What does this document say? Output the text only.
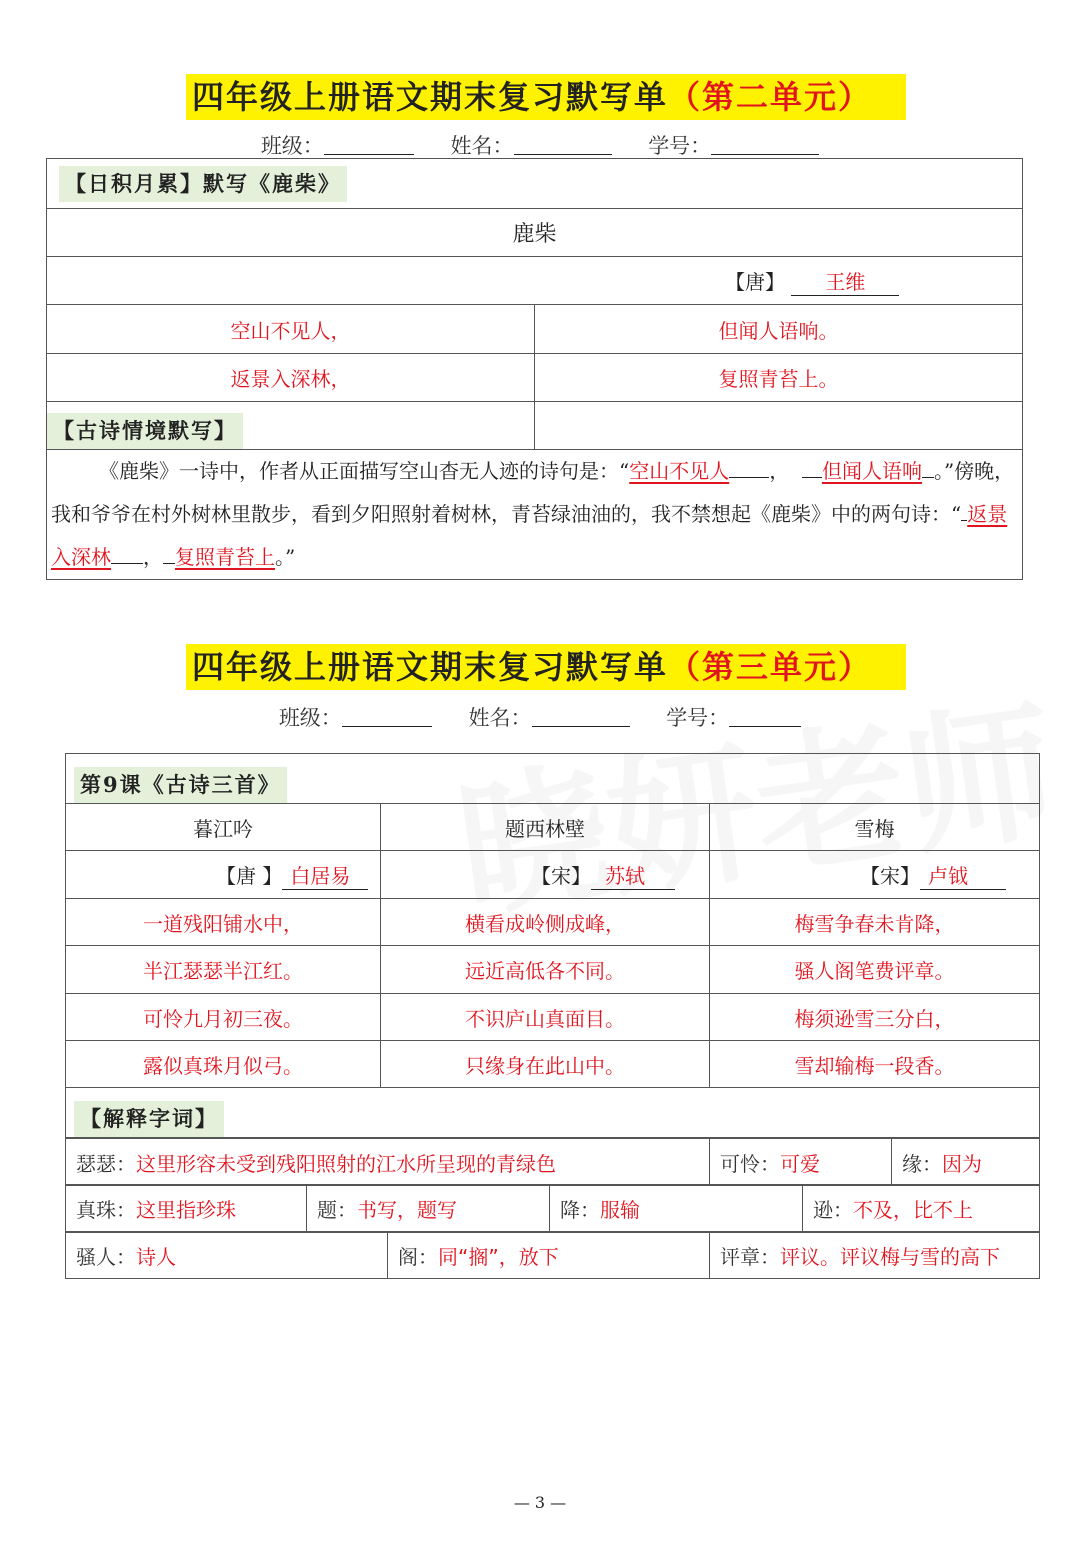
四年级上册语文期末复习默写单（第二单元）
班级：	姓名：	学号：
【日积月累】默写《鹿柴》	
鹿柴	
【唐】 王维	
空山不见人，	但闻人语响。
返景入深林，	复照青苔上。
【古诗情境默写】	

《鹿柴》一诗中，作者从正面描写空山杳无人迹的诗句是：“空山不见人 ， 但闻人语响 。”傍晚，我和爷爷在村外树林里散步，看到夕阳照射着树林，青苔绿油油的，我不禁想起《鹿柴》中的两句诗：“ 返景入深林 ， 复照青苔上。”	
四年级上册语文期末复习默写单（第三单元）
班级：	姓名：	学号：
第9课《古诗三首》		
暮江吟	题西林壁	雪梅
【唐 】 白居易	【宋】 苏轼	【宋】 卢钺
一道残阳铺水中，	横看成岭侧成峰，	梅雪争春未肯降，
半江瑟瑟半江红。	远近高低各不同。	骚人阁笔费评章。
可怜九月初三夜。	不识庐山真面目。	梅须逊雪三分白，
露似真珠月似弓。	只缘身在此山中。	雪却输梅一段香。
【解释字词】		
瑟瑟：这里形容未受到残阳照射的江水所呈现的青绿色	可怜：可爱	缘：因为
真珠：这里指珍珠	题：书写，题写	降：服输	逊：不及，比不上
骚人：诗人	阁：同“搁”，放下	评章：评议。评议梅与雪的高下
— 3 —
